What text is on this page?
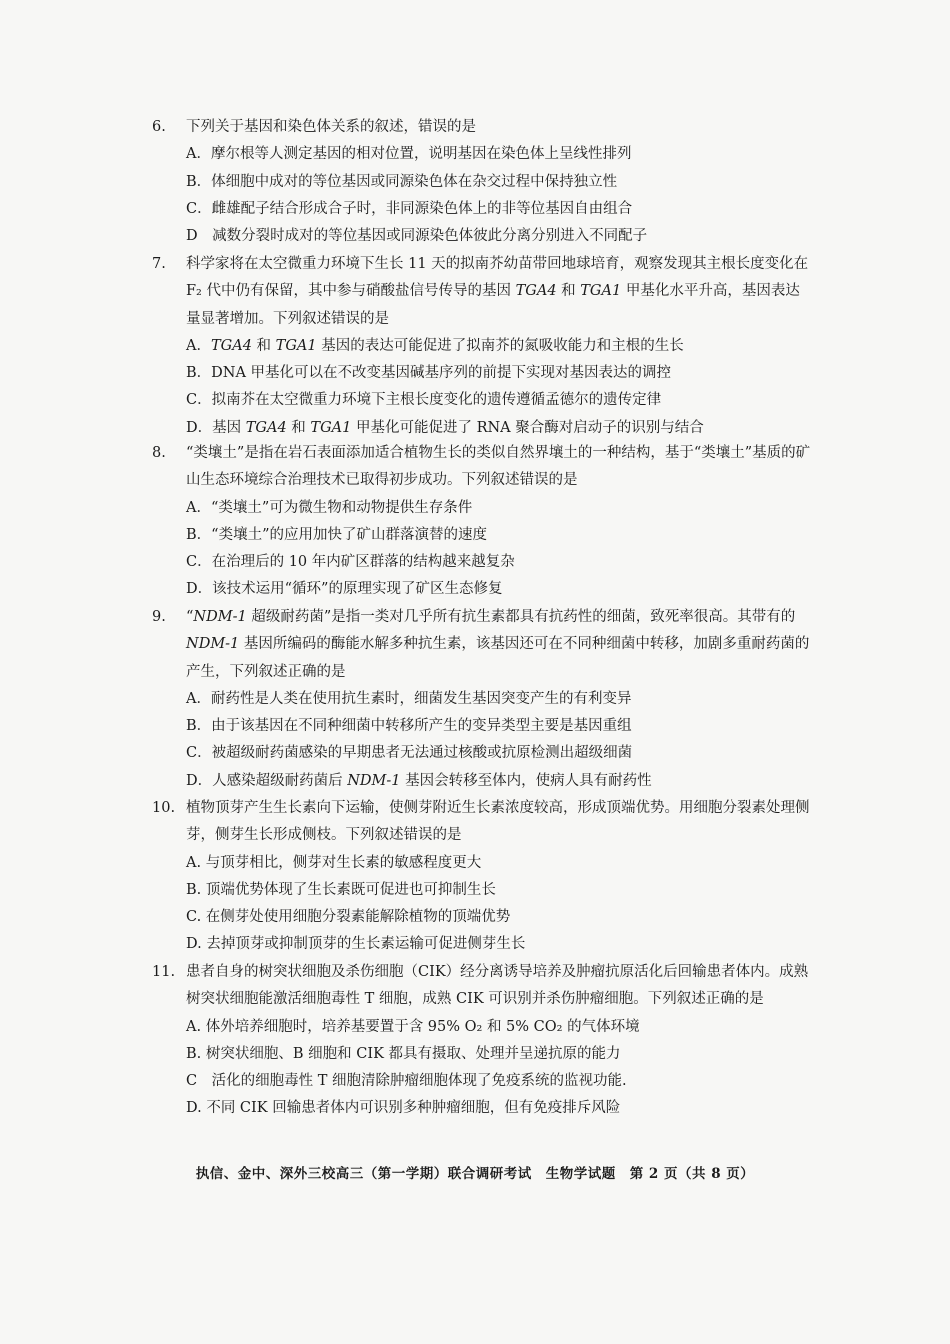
6.	下列关于基因和染色体关系的叙述，错误的是
A．摩尔根等人测定基因的相对位置，说明基因在染色体上呈线性排列
B．体细胞中成对的等位基因或同源染色体在杂交过程中保持独立性
C．雌雄配子结合形成合子时，非同源染色体上的非等位基因自由组合
D　减数分裂时成对的等位基因或同源染色体彼此分离分别进入不同配子
7.	科学家将在太空微重力环境下生长 11 天的拟南芥幼苗带回地球培育，观察发现其主根长度变化在 F₂ 代中仍有保留，其中参与硝酸盐信号传导的基因 TGA4 和 TGA1 甲基化水平升高，基因表达量显著增加。下列叙述错误的是
A．TGA4 和 TGA1 基因的表达可能促进了拟南芥的氮吸收能力和主根的生长
B．DNA 甲基化可以在不改变基因碱基序列的前提下实现对基因表达的调控
C．拟南芥在太空微重力环境下主根长度变化的遗传遵循孟德尔的遗传定律
D．基因 TGA4 和 TGA1 甲基化可能促进了 RNA 聚合酶对启动子的识别与结合
8.	“类壤土”是指在岩石表面添加适合植物生长的类似自然界壤土的一种结构，基于“类壤土”基质的矿山生态环境综合治理技术已取得初步成功。下列叙述错误的是
A．“类壤土”可为微生物和动物提供生存条件
B．“类壤土”的应用加快了矿山群落演替的速度
C．在治理后的 10 年内矿区群落的结构越来越复杂
D．该技术运用“循环”的原理实现了矿区生态修复
9.	“NDM-1 超级耐药菌”是指一类对几乎所有抗生素都具有抗药性的细菌，致死率很高。其带有的 NDM-1 基因所编码的酶能水解多种抗生素，该基因还可在不同种细菌中转移，加剧多重耐药菌的产生，下列叙述正确的是
A．耐药性是人类在使用抗生素时，细菌发生基因突变产生的有利变异
B．由于该基因在不同种细菌中转移所产生的变异类型主要是基因重组
C．被超级耐药菌感染的早期患者无法通过核酸或抗原检测出超级细菌
D．人感染超级耐药菌后 NDM-1 基因会转移至体内，使病人具有耐药性
10. 植物顶芽产生生长素向下运输，使侧芽附近生长素浓度较高，形成顶端优势。用细胞分裂素处理侧芽，侧芽生长形成侧枝。下列叙述错误的是
A. 与顶芽相比，侧芽对生长素的敏感程度更大
B. 顶端优势体现了生长素既可促进也可抑制生长
C. 在侧芽处使用细胞分裂素能解除植物的顶端优势
D. 去掉顶芽或抑制顶芽的生长素运输可促进侧芽生长
11. 患者自身的树突状细胞及杀伤细胞（CIK）经分离诱导培养及肿瘤抗原活化后回输患者体内。成熟树突状细胞能激活细胞毒性 T 细胞，成熟 CIK 可识别并杀伤肿瘤细胞。下列叙述正确的是
A. 体外培养细胞时，培养基要置于含 95% O₂ 和 5% CO₂ 的气体环境
B. 树突状细胞、B 细胞和 CIK 都具有摄取、处理并呈递抗原的能力
C　活化的细胞毒性 T 细胞清除肿瘤细胞体现了免疫系统的监视功能.
D. 不同 CIK 回输患者体内可识别多种肿瘤细胞，但有免疫排斥风险
执信、金中、深外三校高三（第一学期）联合调研考试　生物学试题　第 2 页（共 8 页）
